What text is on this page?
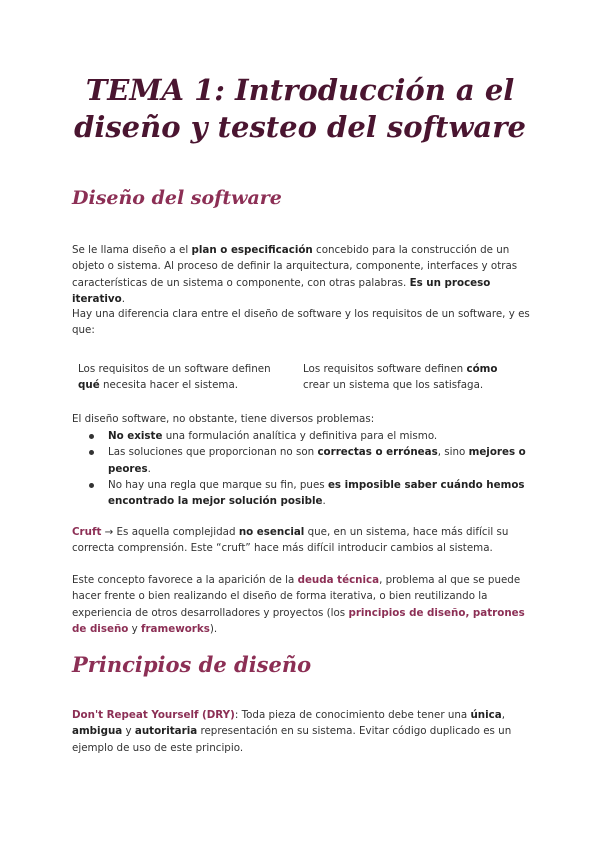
TEMA 1: Introducción a el diseño y testeo del software
Diseño del software

Se le llama diseño a el plan o especificación concebido para la construcción de un objeto o sistema. Al proceso de definir la arquitectura, componente, interfaces y otras características de un sistema o componente, con otras palabras. Es un proceso iterativo.

Hay una diferencia clara entre el diseño de software y los requisitos de un software, y es que:

Los requisitos de un software definen qué necesita hacer el sistema.
Los requisitos software definen cómo crear un sistema que los satisfaga.

El diseño software, no obstante, tiene diversos problemas:

No existe una formulación analítica y definitiva para el mismo.
Las soluciones que proporcionan no son correctas o erróneas, sino mejores o peores.
No hay una regla que marque su fin, pues es imposible saber cuándo hemos encontrado la mejor solución posible.

Cruft → Es aquella complejidad no esencial que, en un sistema, hace más difícil su correcta comprensión. Este “cruft” hace más difícil introducir cambios al sistema.

Este concepto favorece a la aparición de la deuda técnica, problema al que se puede hacer frente o bien realizando el diseño de forma iterativa, o bien reutilizando la experiencia de otros desarrolladores y proyectos (los principios de diseño, patrones de diseño y frameworks).

Principios de diseño

Don't Repeat Yourself (DRY): Toda pieza de conocimiento debe tener una única, ambigua y autoritaria representación en su sistema. Evitar código duplicado es un ejemplo de uso de este principio.
